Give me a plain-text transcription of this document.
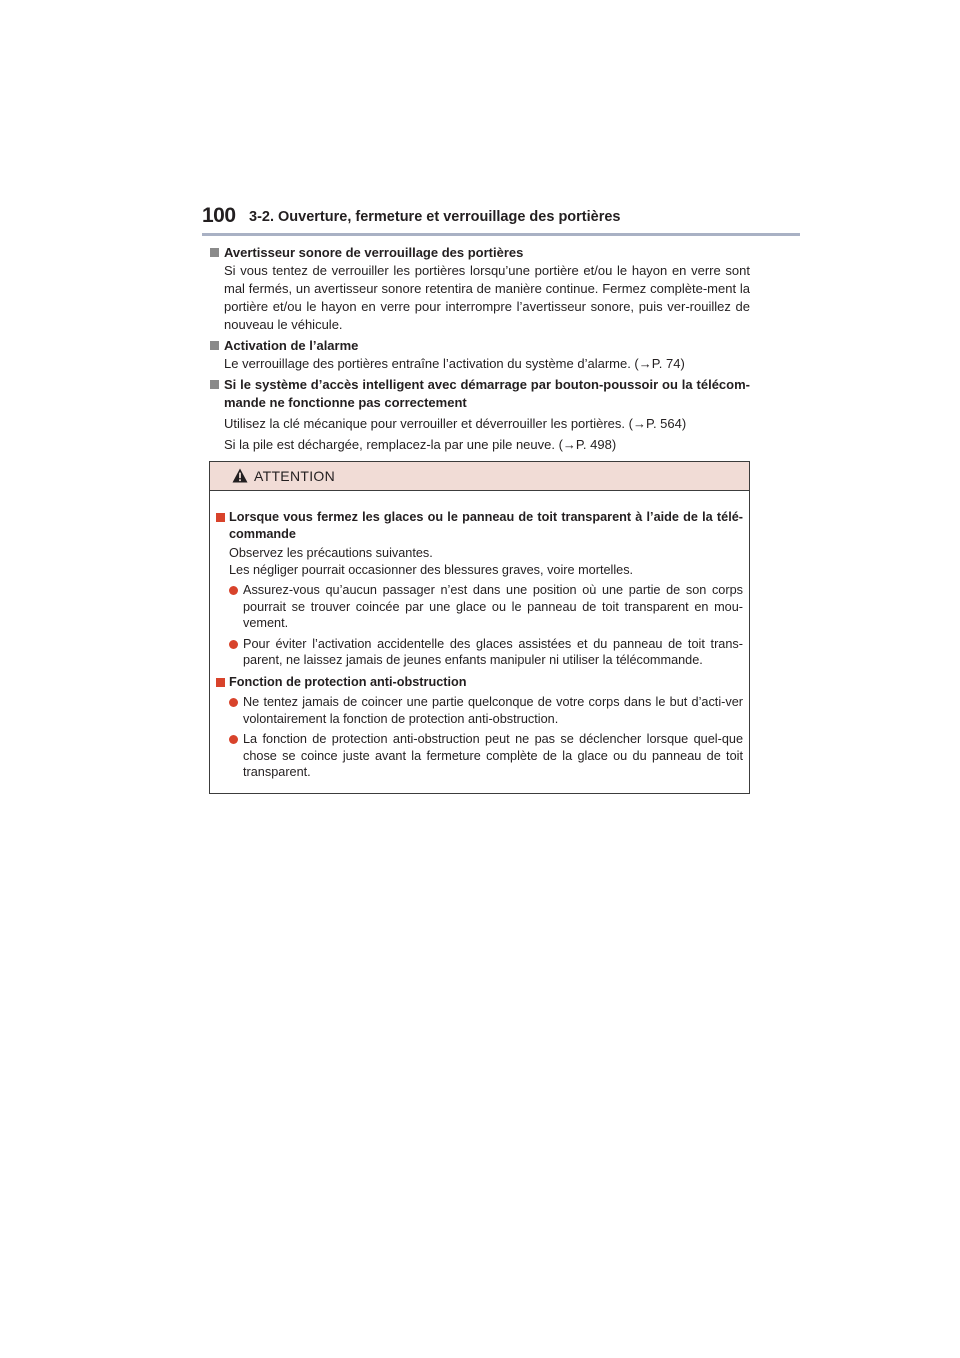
100 3-2. Ouverture, fermeture et verrouillage des portières
Avertisseur sonore de verrouillage des portières
Si vous tentez de verrouiller les portières lorsqu’une portière et/ou le hayon en verre sont mal fermés, un avertisseur sonore retentira de manière continue. Fermez complète-ment la portière et/ou le hayon en verre pour interrompre l’avertisseur sonore, puis ver-rouillez de nouveau le véhicule.
Activation de l’alarme
Le verrouillage des portières entraîne l’activation du système d’alarme. (→P. 74)
Si le système d’accès intelligent avec démarrage par bouton-poussoir ou la télécom-mande ne fonctionne pas correctement
Utilisez la clé mécanique pour verrouiller et déverrouiller les portières. (→P. 564)
Si la pile est déchargée, remplacez-la par une pile neuve. (→P. 498)
ATTENTION
Lorsque vous fermez les glaces ou le panneau de toit transparent à l’aide de la télé-commande
Observez les précautions suivantes.
Les négliger pourrait occasionner des blessures graves, voire mortelles.
Assurez-vous qu’aucun passager n’est dans une position où une partie de son corps pourrait se trouver coincée par une glace ou le panneau de toit transparent en mou-vement.
Pour éviter l’activation accidentelle des glaces assistées et du panneau de toit trans-parent, ne laissez jamais de jeunes enfants manipuler ni utiliser la télécommande.
Fonction de protection anti-obstruction
Ne tentez jamais de coincer une partie quelconque de votre corps dans le but d’acti-ver volontairement la fonction de protection anti-obstruction.
La fonction de protection anti-obstruction peut ne pas se déclencher lorsque quel-que chose se coince juste avant la fermeture complète de la glace ou du panneau de toit transparent.
